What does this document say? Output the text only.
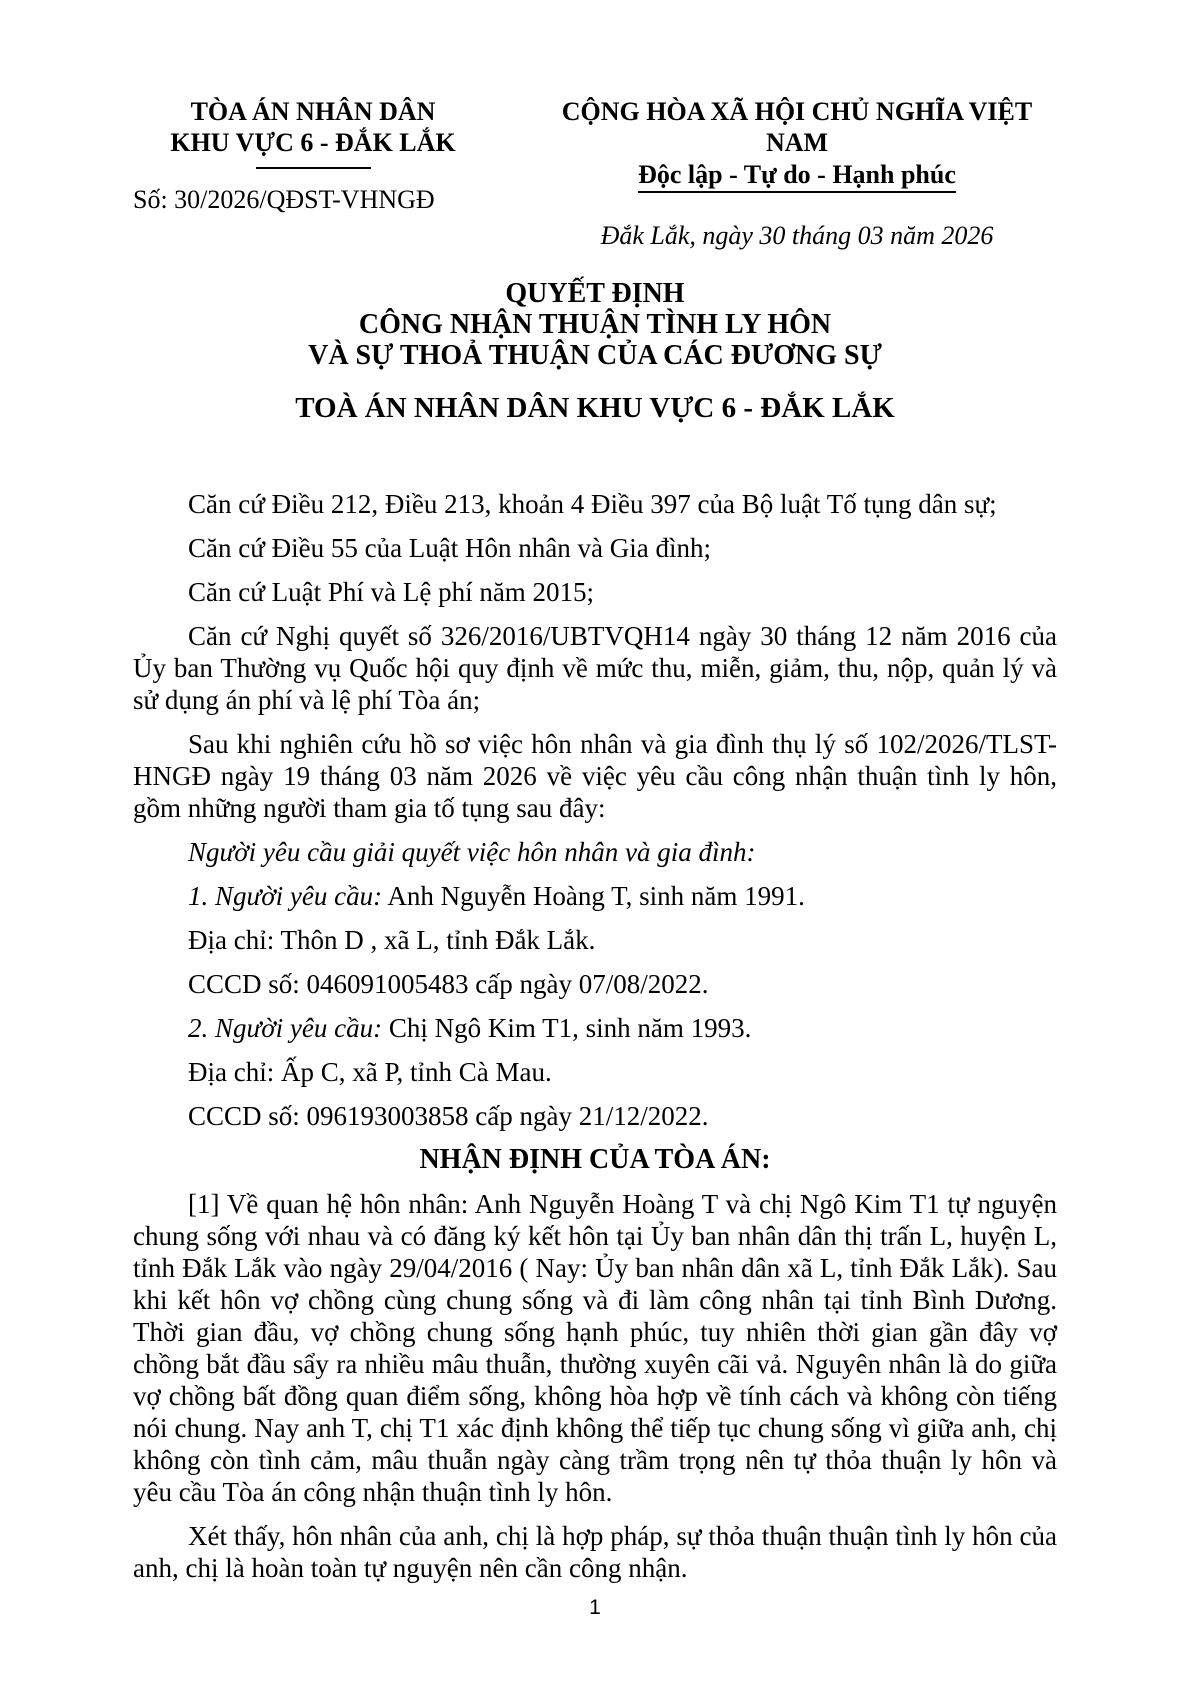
TÒA ÁN NHÂN DÂN
KHU VỰC 6 - ĐẮK LẮK
Số: 30/2026/QĐST-VHNGĐ
CỘNG HÒA XÃ HỘI CHỦ NGHĨA VIỆT NAM
Độc lập - Tự do - Hạnh phúc
Đắk Lắk, ngày 30 tháng 03 năm 2026
QUYẾT ĐỊNH
CÔNG NHẬN THUẬN TÌNH LY HÔN
VÀ SỰ THOẢ THUẬN CỦA CÁC ĐƯƠNG SỰ
TOÀ ÁN NHÂN DÂN KHU VỰC 6 - ĐẮK LẮK

Căn cứ Điều 212, Điều 213, khoản 4 Điều 397 của Bộ luật Tố tụng dân sự;

Căn cứ Điều 55 của Luật Hôn nhân và Gia đình;

Căn cứ Luật Phí và Lệ phí năm 2015;

Căn cứ Nghị quyết số 326/2016/UBTVQH14 ngày 30 tháng 12 năm 2016 của Ủy ban Thường vụ Quốc hội quy định về mức thu, miễn, giảm, thu, nộp, quản lý và sử dụng án phí và lệ phí Tòa án;

Sau khi nghiên cứu hồ sơ việc hôn nhân và gia đình thụ lý số 102/2026/TLST-HNGĐ ngày 19 tháng 03 năm 2026 về việc yêu cầu công nhận thuận tình ly hôn, gồm những người tham gia tố tụng sau đây:

Người yêu cầu giải quyết việc hôn nhân và gia đình:

1. Người yêu cầu: Anh Nguyễn Hoàng T, sinh năm 1991.

Địa chỉ: Thôn D , xã L, tỉnh Đắk Lắk.

CCCD số: 046091005483 cấp ngày 07/08/2022.

2. Người yêu cầu: Chị Ngô Kim T1, sinh năm 1993.

Địa chỉ: Ấp C, xã P, tỉnh Cà Mau.

CCCD số: 096193003858 cấp ngày 21/12/2022.

NHẬN ĐỊNH CỦA TÒA ÁN:

[1] Về quan hệ hôn nhân: Anh Nguyễn Hoàng T và chị Ngô Kim T1 tự nguyện chung sống với nhau và có đăng ký kết hôn tại Ủy ban nhân dân thị trấn L, huyện L, tỉnh Đắk Lắk vào ngày 29/04/2016 ( Nay: Ủy ban nhân dân xã L, tỉnh Đắk Lắk). Sau khi kết hôn vợ chồng cùng chung sống và đi làm công nhân tại tỉnh Bình Dương. Thời gian đầu, vợ chồng chung sống hạnh phúc, tuy nhiên thời gian gần đây vợ chồng bắt đầu sẩy ra nhiều mâu thuẫn, thường xuyên cãi vả. Nguyên nhân là do giữa vợ chồng bất đồng quan điểm sống, không hòa hợp về tính cách và không còn tiếng nói chung. Nay anh T, chị T1 xác định không thể tiếp tục chung sống vì giữa anh, chị không còn tình cảm, mâu thuẫn ngày càng trầm trọng nên tự thỏa thuận ly hôn và yêu cầu Tòa án công nhận thuận tình ly hôn.

Xét thấy, hôn nhân của anh, chị là hợp pháp, sự thỏa thuận thuận tình ly hôn của anh, chị là hoàn toàn tự nguyện nên cần công nhận.

1
